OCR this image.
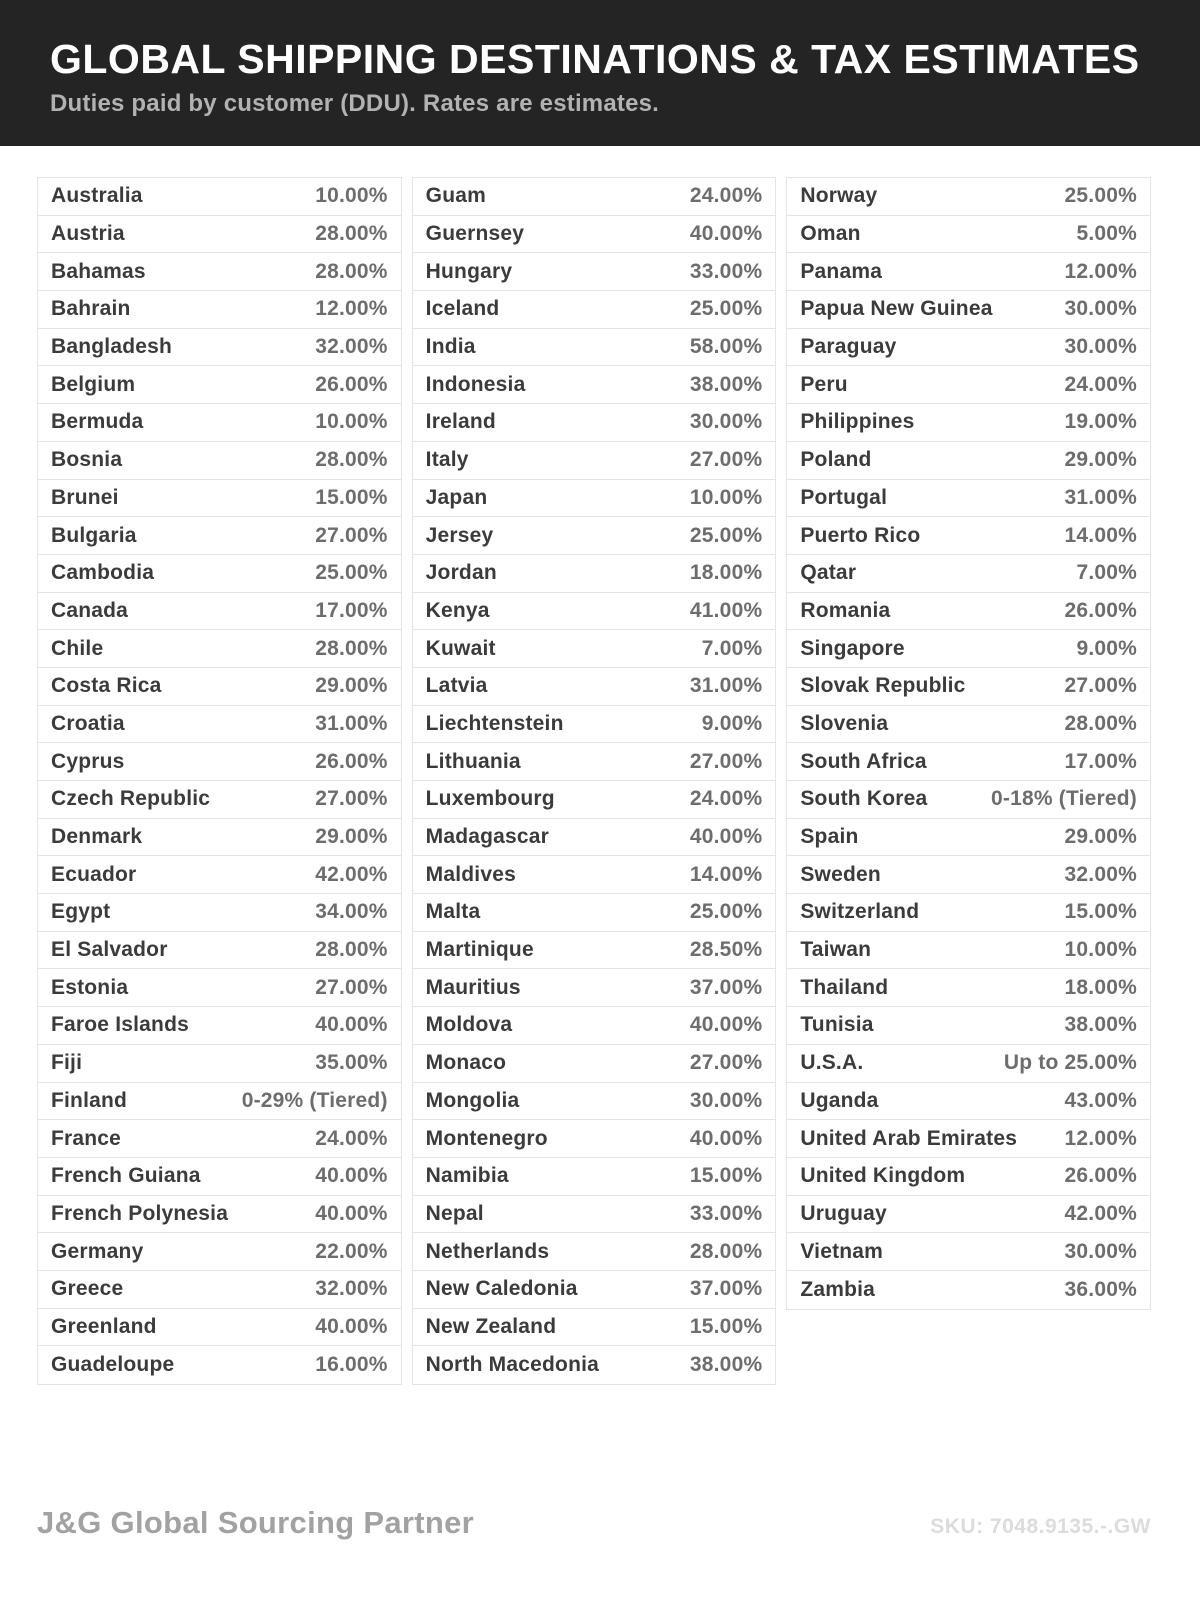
GLOBAL SHIPPING DESTINATIONS & TAX ESTIMATES
Duties paid by customer (DDU). Rates are estimates.
Australia	10.00%
Austria	28.00%
Bahamas	28.00%
Bahrain	12.00%
Bangladesh	32.00%
Belgium	26.00%
Bermuda	10.00%
Bosnia	28.00%
Brunei	15.00%
Bulgaria	27.00%
Cambodia	25.00%
Canada	17.00%
Chile	28.00%
Costa Rica	29.00%
Croatia	31.00%
Cyprus	26.00%
Czech Republic	27.00%
Denmark	29.00%
Ecuador	42.00%
Egypt	34.00%
El Salvador	28.00%
Estonia	27.00%
Faroe Islands	40.00%
Fiji	35.00%
Finland	0-29% (Tiered)
France	24.00%
French Guiana	40.00%
French Polynesia	40.00%
Germany	22.00%
Greece	32.00%
Greenland	40.00%
Guadeloupe	16.00%
Guam	24.00%
Guernsey	40.00%
Hungary	33.00%
Iceland	25.00%
India	58.00%
Indonesia	38.00%
Ireland	30.00%
Italy	27.00%
Japan	10.00%
Jersey	25.00%
Jordan	18.00%
Kenya	41.00%
Kuwait	7.00%
Latvia	31.00%
Liechtenstein	9.00%
Lithuania	27.00%
Luxembourg	24.00%
Madagascar	40.00%
Maldives	14.00%
Malta	25.00%
Martinique	28.50%
Mauritius	37.00%
Moldova	40.00%
Monaco	27.00%
Mongolia	30.00%
Montenegro	40.00%
Namibia	15.00%
Nepal	33.00%
Netherlands	28.00%
New Caledonia	37.00%
New Zealand	15.00%
North Macedonia	38.00%
Norway	25.00%
Oman	5.00%
Panama	12.00%
Papua New Guinea	30.00%
Paraguay	30.00%
Peru	24.00%
Philippines	19.00%
Poland	29.00%
Portugal	31.00%
Puerto Rico	14.00%
Qatar	7.00%
Romania	26.00%
Singapore	9.00%
Slovak Republic	27.00%
Slovenia	28.00%
South Africa	17.00%
South Korea	0-18% (Tiered)
Spain	29.00%
Sweden	32.00%
Switzerland	15.00%
Taiwan	10.00%
Thailand	18.00%
Tunisia	38.00%
U.S.A.	Up to 25.00%
Uganda	43.00%
United Arab Emirates 12.00%
United Kingdom	26.00%
Uruguay	42.00%
Vietnam	30.00%
Zambia	36.00%
J&G Global Sourcing Partner	SKU: 7048.9135.-.GW
